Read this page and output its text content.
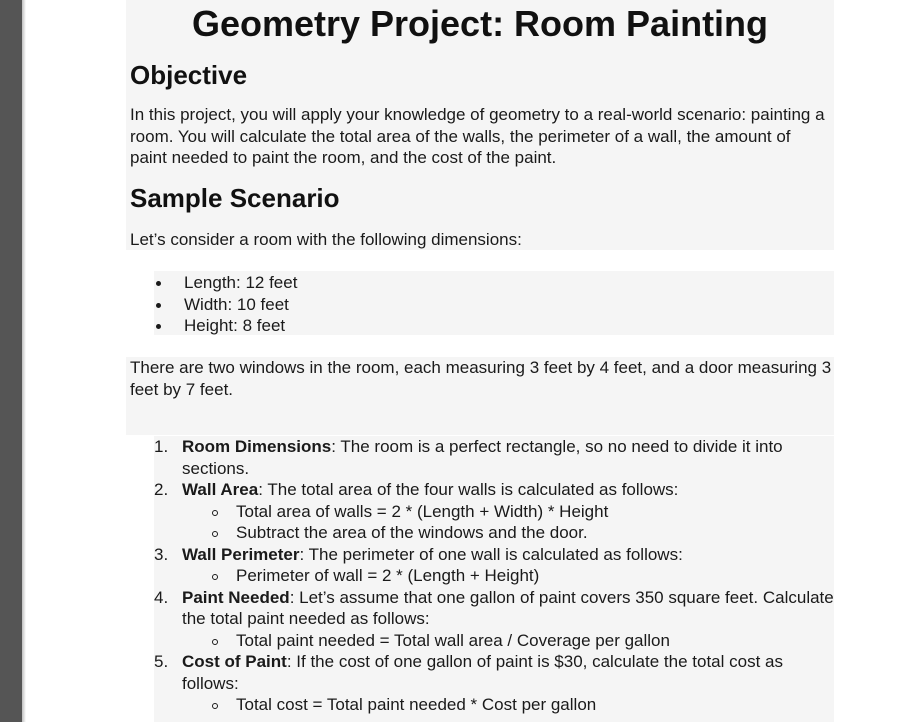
Geometry Project: Room Painting
Objective
In this project, you will apply your knowledge of geometry to a real-world scenario: painting a room. You will calculate the total area of the walls, the perimeter of a wall, the amount of paint needed to paint the room, and the cost of the paint.
Sample Scenario
Let’s consider a room with the following dimensions:
Length: 12 feet
Width: 10 feet
Height: 8 feet
There are two windows in the room, each measuring 3 feet by 4 feet, and a door measuring 3 feet by 7 feet.
1. Room Dimensions: The room is a perfect rectangle, so no need to divide it into sections.
2. Wall Area: The total area of the four walls is calculated as follows:
Total area of walls = 2 * (Length + Width) * Height
Subtract the area of the windows and the door.
3. Wall Perimeter: The perimeter of one wall is calculated as follows:
Perimeter of wall = 2 * (Length + Height)
4. Paint Needed: Let’s assume that one gallon of paint covers 350 square feet. Calculate the total paint needed as follows:
Total paint needed = Total wall area / Coverage per gallon
5. Cost of Paint: If the cost of one gallon of paint is $30, calculate the total cost as follows:
Total cost = Total paint needed * Cost per gallon
